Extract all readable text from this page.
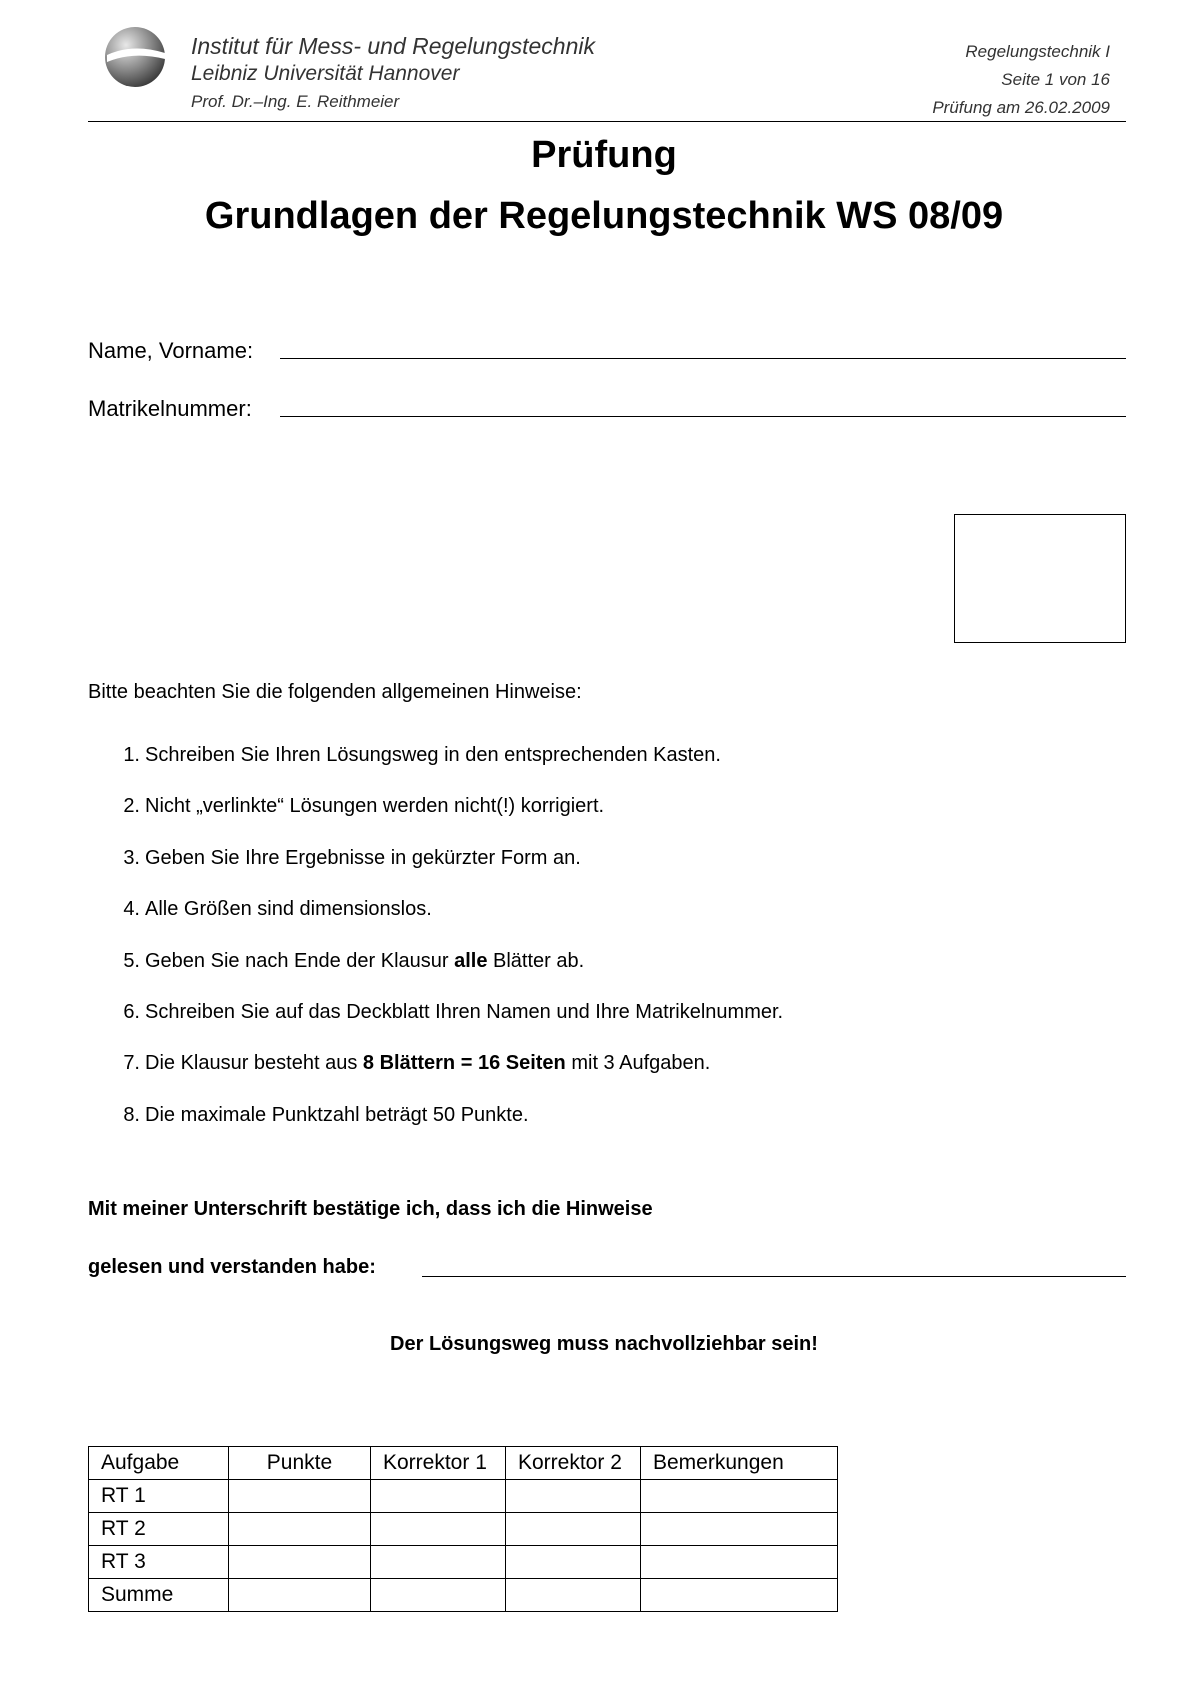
Institut für Mess- und Regelungstechnik
Leibniz Universität Hannover
Prof. Dr.–Ing. E. Reithmeier
Regelungstechnik I
Seite 1 von 16
Prüfung am 26.02.2009
Prüfung
Grundlagen der Regelungstechnik WS 08/09
Name, Vorname:
Matrikelnummer:
Bitte beachten Sie die folgenden allgemeinen Hinweise:
1. Schreiben Sie Ihren Lösungsweg in den entsprechenden Kasten.
2. Nicht „verlinkte“ Lösungen werden nicht(!) korrigiert.
3. Geben Sie Ihre Ergebnisse in gekürzter Form an.
4. Alle Größen sind dimensionslos.
5. Geben Sie nach Ende der Klausur alle Blätter ab.
6. Schreiben Sie auf das Deckblatt Ihren Namen und Ihre Matrikelnummer.
7. Die Klausur besteht aus 8 Blättern = 16 Seiten mit 3 Aufgaben.
8. Die maximale Punktzahl beträgt 50 Punkte.
Mit meiner Unterschrift bestätige ich, dass ich die Hinweise
gelesen und verstanden habe:
Der Lösungsweg muss nachvollziehbar sein!
Aufgabe	Punkte	Korrektor 1	Korrektor 2	Bemerkungen
RT 1				
RT 2				
RT 3				
Summe				
